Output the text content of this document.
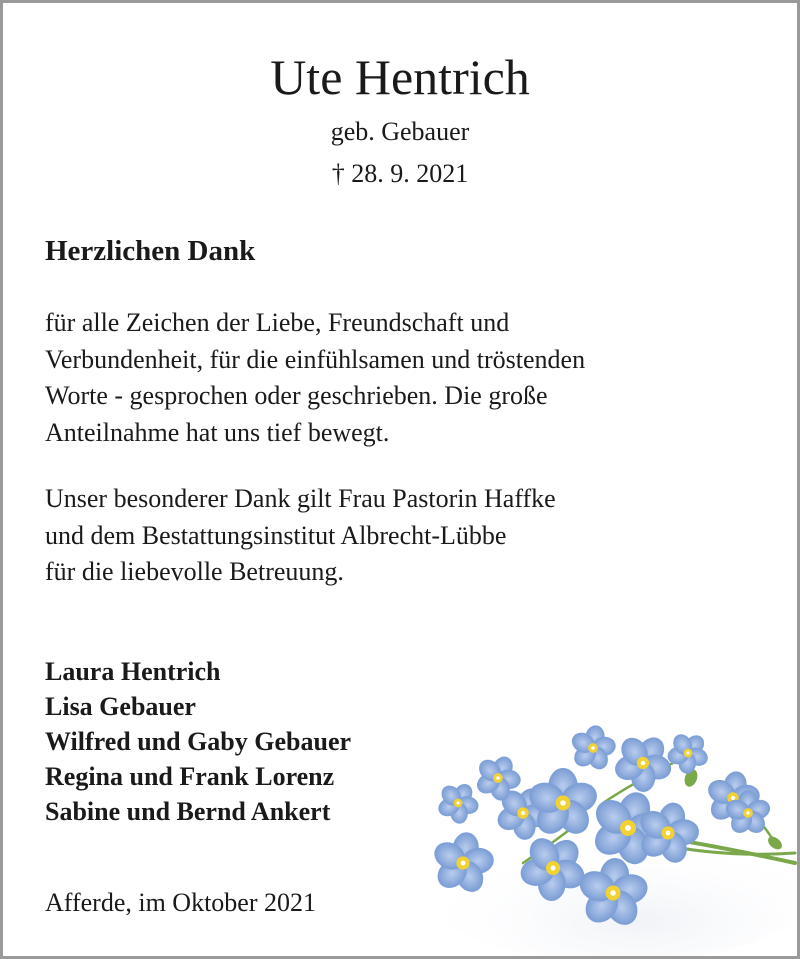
Ute Hentrich
geb. Gebauer
† 28. 9. 2021
Herzlichen Dank
für alle Zeichen der Liebe, Freundschaft und
Verbundenheit, für die einfühlsamen und tröstenden
Worte - gesprochen oder geschrieben. Die große
Anteilnahme hat uns tief bewegt.
Unser besonderer Dank gilt Frau Pastorin Haffke
und dem Bestattungsinstitut Albrecht-Lübbe
für die liebevolle Betreuung.
Laura Hentrich
Lisa Gebauer
Wilfred und Gaby Gebauer
Regina und Frank Lorenz
Sabine und Bernd Ankert
Afferde, im Oktober 2021
